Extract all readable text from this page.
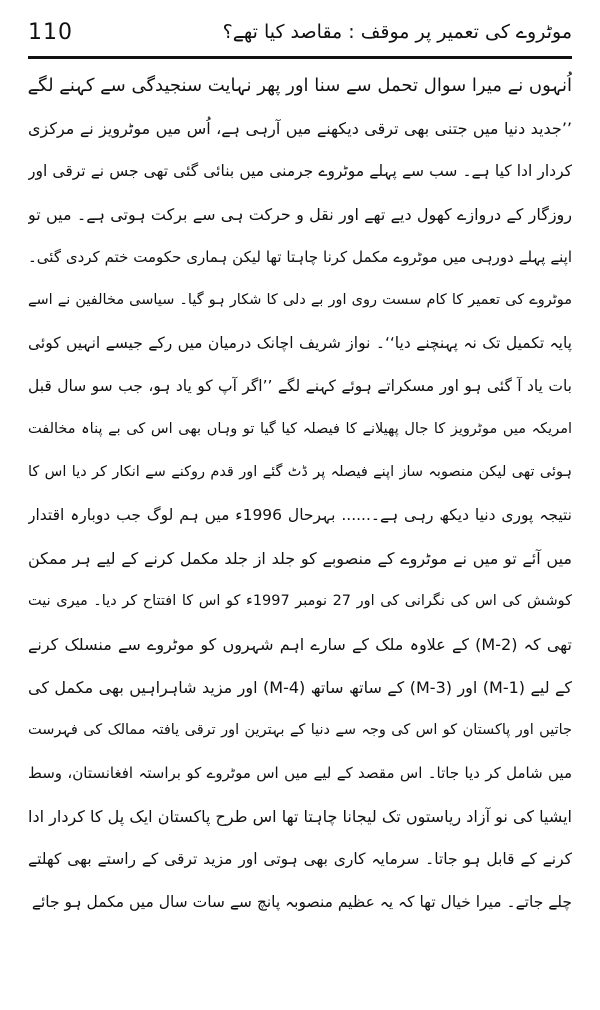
110	موٹروے کی تعمیر پر موقف : مقاصد کیا تھے؟
اُنہوں نے میرا سوال تحمل سے سنا اور پھر نہایت سنجیدگی سے کہنے لگے
’’جدید دنیا میں جتنی بھی ترقی دیکھنے میں آرہی ہے، اُس میں موٹرویز نے مرکزی
کردار ادا کیا ہے۔ سب سے پہلے موٹروے جرمنی میں بنائی گئی تھی جس نے ترقی اور
روزگار کے دروازے کھول دیے تھے اور نقل و حرکت ہی سے برکت ہوتی ہے۔ میں تو
اپنے پہلے دورہی میں موٹروے مکمل کرنا چاہتا تھا لیکن ہماری حکومت ختم کردی گئی۔
موٹروے کی تعمیر کا کام سست روی اور بے دلی کا شکار ہو گیا۔ سیاسی مخالفین نے اسے
پایہ تکمیل تک نہ پہنچنے دیا‘‘۔ نواز شریف اچانک درمیان میں رکے جیسے انہیں کوئی
بات یاد آ گئی ہو اور مسکراتے ہوئے کہنے لگے ’’اگر آپ کو یاد ہو، جب سو سال قبل
امریکہ میں موٹرویز کا جال پھیلانے کا فیصلہ کیا گیا تو وہاں بھی اس کی بے پناہ مخالفت
ہوئی تھی لیکن منصوبہ ساز اپنے فیصلہ پر ڈٹ گئے اور قدم روکنے سے انکار کر دیا اس کا
نتیجہ پوری دنیا دیکھ رہی ہے۔...... بہرحال 1996ء میں ہم لوگ جب دوبارہ اقتدار
میں آئے تو میں نے موٹروے کے منصوبے کو جلد از جلد مکمل کرنے کے لیے ہر ممکن
کوشش کی اس کی نگرانی کی اور 27 نومبر 1997ء کو اس کا افتتاح کر دیا۔ میری نیت
تھی کہ (M-2) کے علاوہ ملک کے سارے اہم شہروں کو موٹروے سے منسلک کرنے
کے لیے (M-1) اور (M-3) کے ساتھ ساتھ (M-4) اور مزید شاہراہیں بھی مکمل کی
جاتیں اور پاکستان کو اس کی وجہ سے دنیا کے بہترین اور ترقی یافتہ ممالک کی فہرست
میں شامل کر دیا جاتا۔ اس مقصد کے لیے میں اس موٹروے کو براستہ افغانستان، وسط
ایشیا کی نو آزاد ریاستوں تک لیجانا چاہتا تھا اس طرح پاکستان ایک پل کا کردار ادا
کرنے کے قابل ہو جاتا۔ سرمایہ کاری بھی ہوتی اور مزید ترقی کے راستے بھی کھلتے
چلے جاتے۔ میرا خیال تھا کہ یہ عظیم منصوبہ پانچ سے سات سال میں مکمل ہو جائے
